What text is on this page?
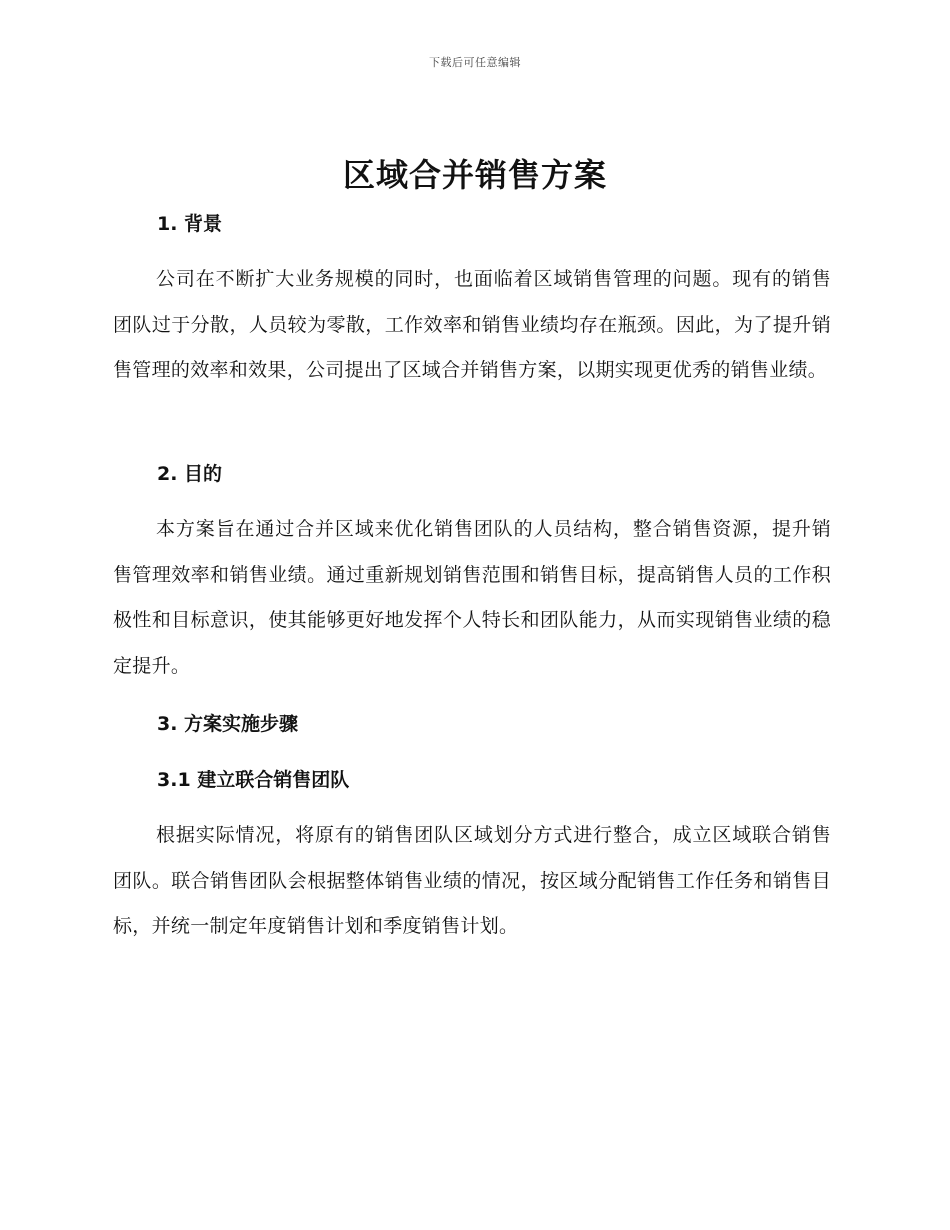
下载后可任意编辑
区域合并销售方案
1. 背景

公司在不断扩大业务规模的同时，也面临着区域销售管理的问题。现有的销售团队过于分散，人员较为零散，工作效率和销售业绩均存在瓶颈。因此，为了提升销售管理的效率和效果，公司提出了区域合并销售方案，以期实现更优秀的销售业绩。

2. 目的

本方案旨在通过合并区域来优化销售团队的人员结构，整合销售资源，提升销售管理效率和销售业绩。通过重新规划销售范围和销售目标，提高销售人员的工作积极性和目标意识，使其能够更好地发挥个人特长和团队能力，从而实现销售业绩的稳定提升。

3. 方案实施步骤
3.1 建立联合销售团队

根据实际情况，将原有的销售团队区域划分方式进行整合，成立区域联合销售团队。联合销售团队会根据整体销售业绩的情况，按区域分配销售工作任务和销售目标，并统一制定年度销售计划和季度销售计划。
